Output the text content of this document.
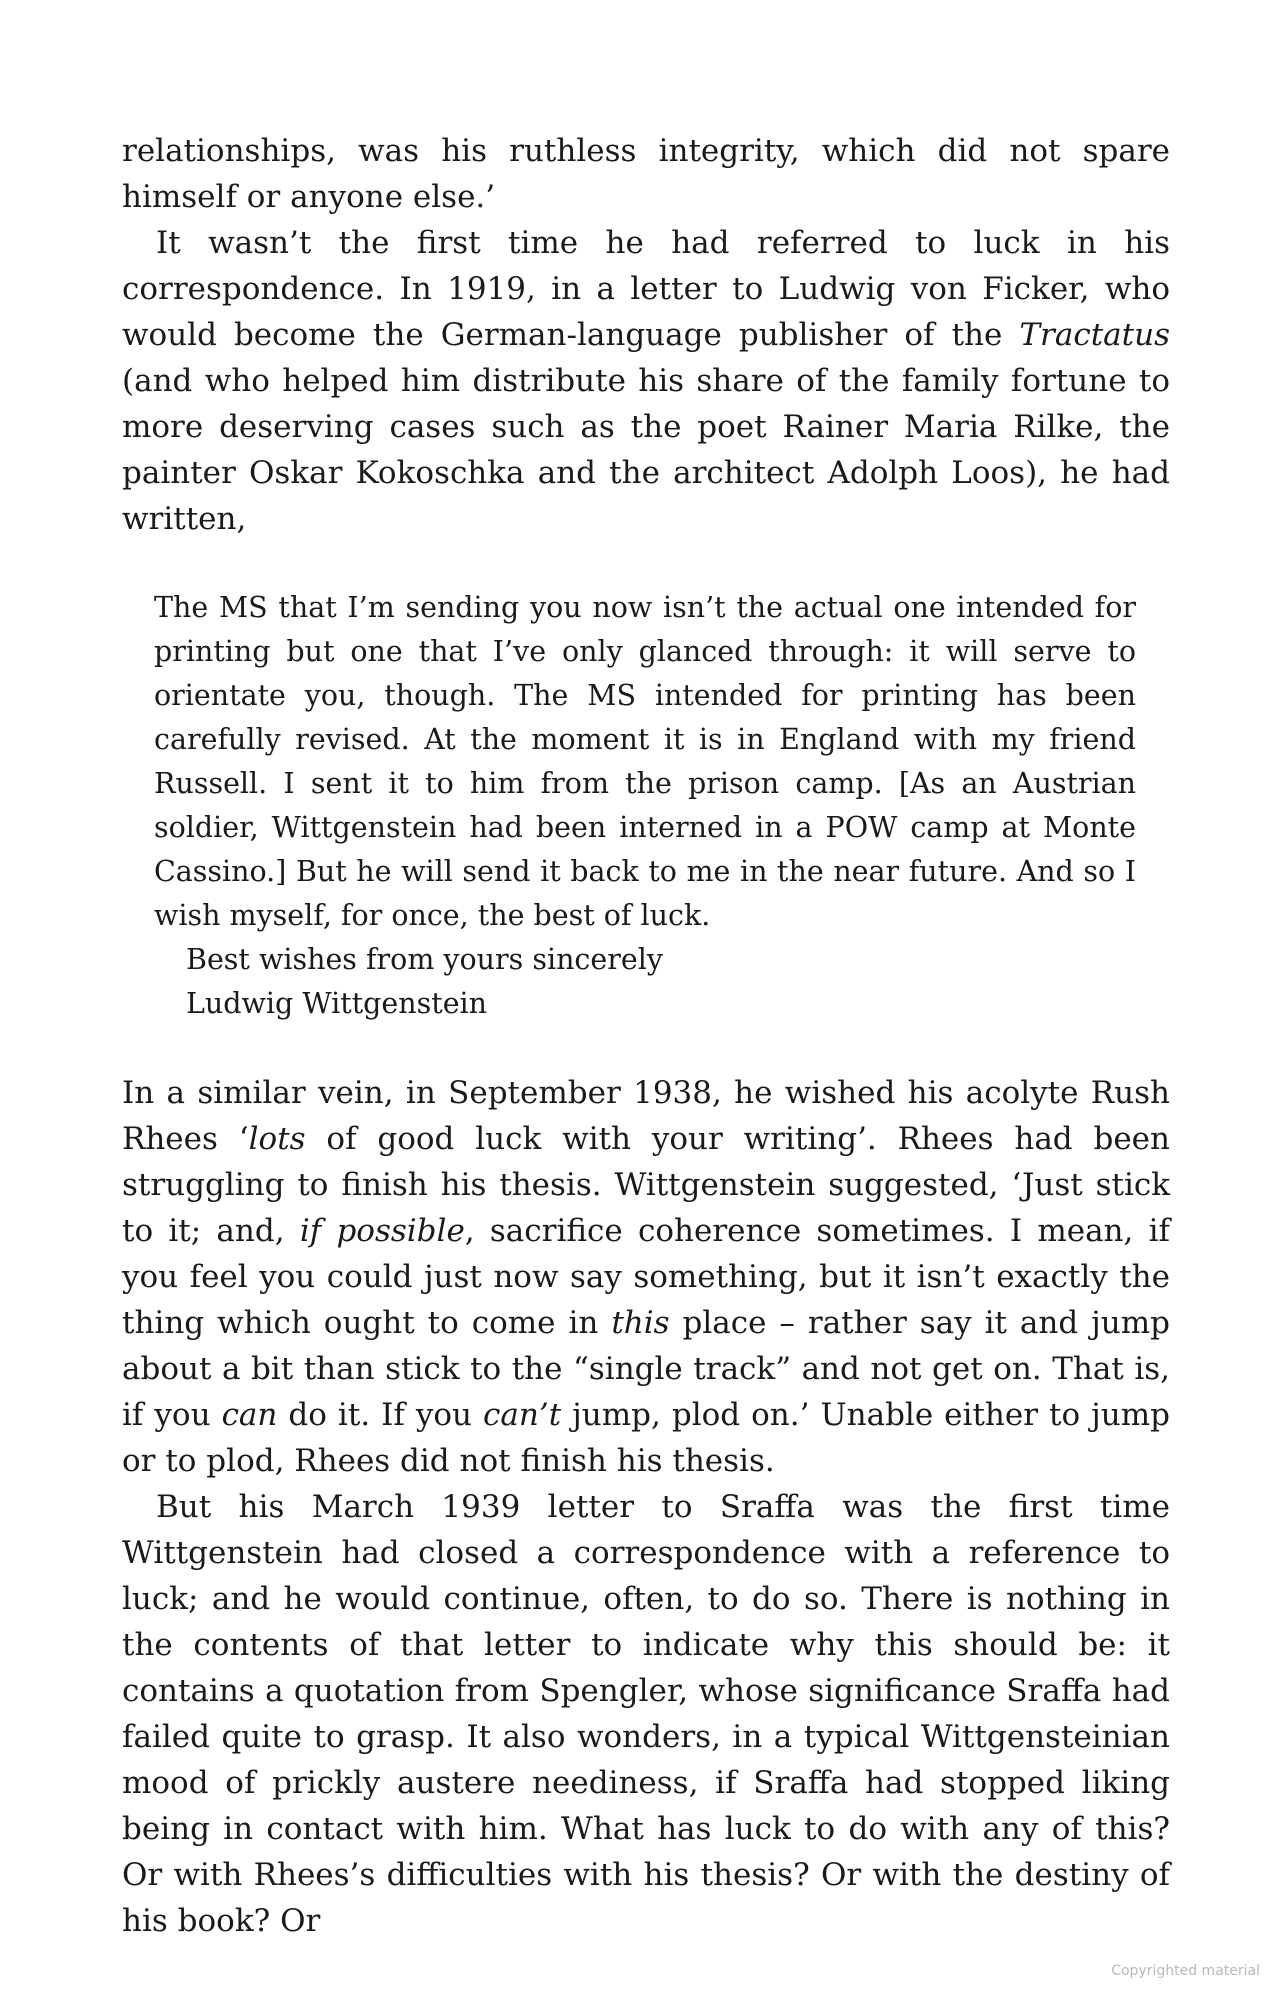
relationships, was his ruthless integrity, which did not spare himself or anyone else.’

It wasn’t the first time he had referred to luck in his correspondence. In 1919, in a letter to Ludwig von Ficker, who would become the German-language publisher of the Tractatus (and who helped him distribute his share of the family fortune to more deserving cases such as the poet Rainer Maria Rilke, the painter Oskar Kokoschka and the architect Adolph Loos), he had written,

The MS that I’m sending you now isn’t the actual one intended for printing but one that I’ve only glanced through: it will serve to orientate you, though. The MS intended for printing has been carefully revised. At the moment it is in England with my friend Russell. I sent it to him from the prison camp. [As an Austrian soldier, Wittgenstein had been interned in a POW camp at Monte Cassino.] But he will send it back to me in the near future. And so I wish myself, for once, the best of luck.

Best wishes from yours sincerely

Ludwig Wittgenstein

In a similar vein, in September 1938, he wished his acolyte Rush Rhees ‘lots of good luck with your writing’. Rhees had been struggling to finish his thesis. Wittgenstein suggested, ‘Just stick to it; and, if possible, sacrifice coherence sometimes. I mean, if you feel you could just now say something, but it isn’t exactly the thing which ought to come in this place – rather say it and jump about a bit than stick to the “single track” and not get on. That is, if you can do it. If you can’t jump, plod on.’ Unable either to jump or to plod, Rhees did not finish his thesis.

But his March 1939 letter to Sraffa was the first time Wittgenstein had closed a correspondence with a reference to luck; and he would continue, often, to do so. There is nothing in the contents of that letter to indicate why this should be: it contains a quotation from Spengler, whose significance Sraffa had failed quite to grasp. It also wonders, in a typical Wittgensteinian mood of prickly austere neediness, if Sraffa had stopped liking being in contact with him. What has luck to do with any of this? Or with Rhees’s difficulties with his thesis? Or with the destiny of his book? Or

Copyrighted material
